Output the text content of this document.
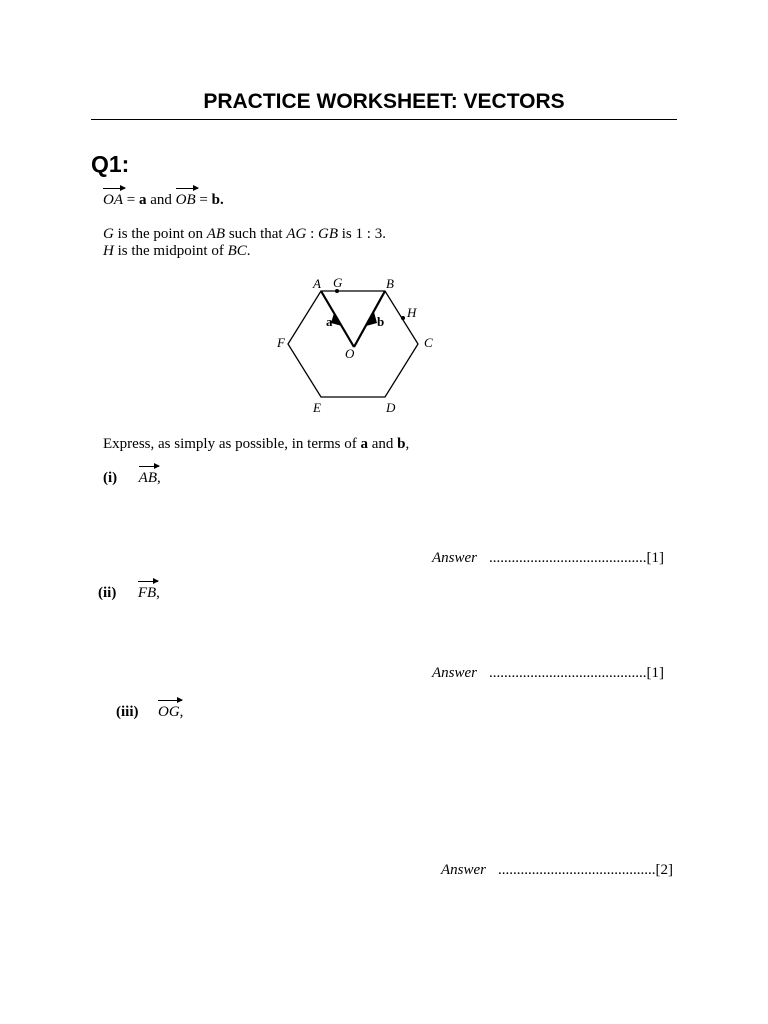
PRACTICE WORKSHEET: VECTORS
Q1:
OA = a and
OB = b.
G is the point on AB such that AG : GB is 1 : 3.
H is the midpoint of BC.
A G	B
H
C
D
E
F
O
a	b
Express, as simply as possible, in terms of a and b,
(i) AB,
Answer ..........................................[1]
(ii) FB,
Answer ..........................................[1]
(iii) OG,
Answer ..........................................[2]
